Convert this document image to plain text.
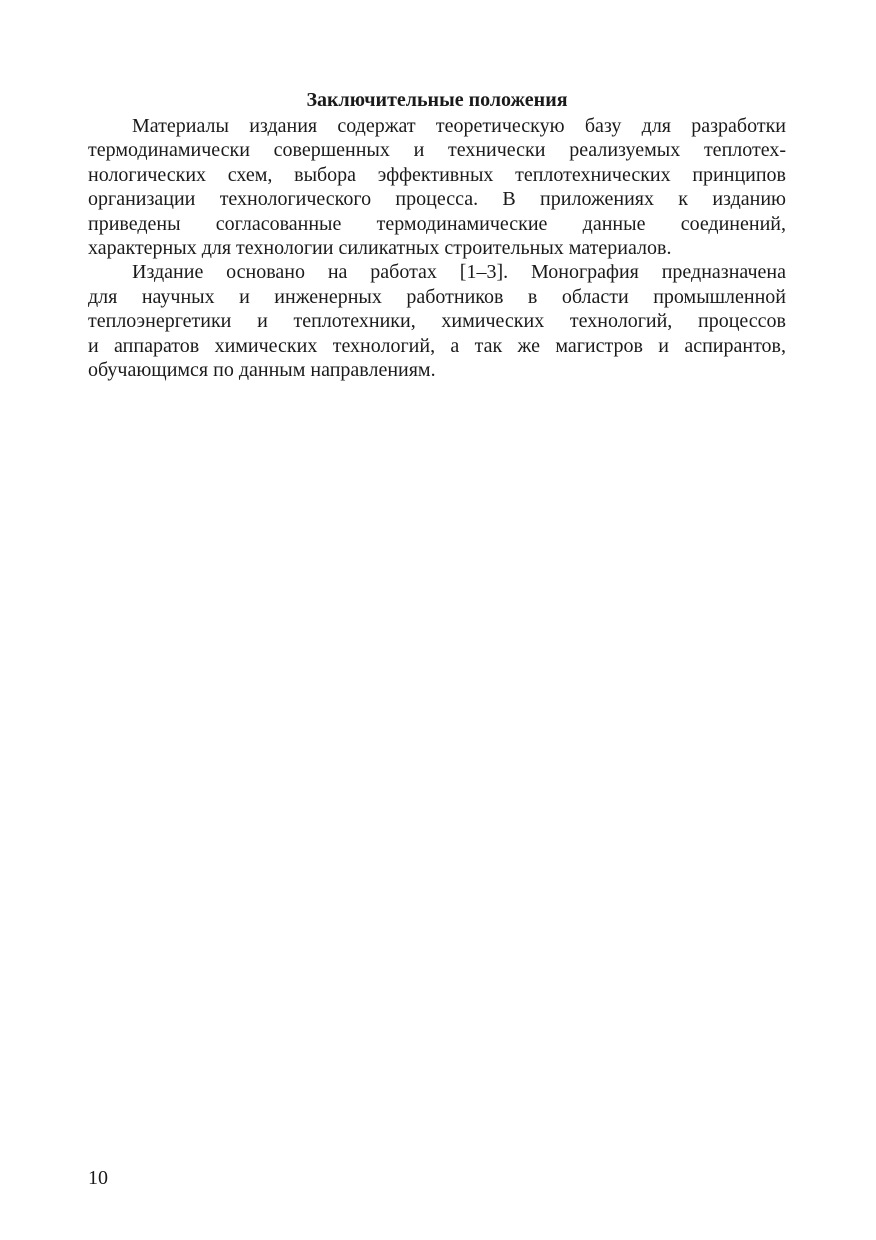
Заключительные положения
Материалы издания содержат теоретическую базу для разработки
термодинамически совершенных и технически реализуемых теплотех-
нологических схем, выбора эффективных теплотехнических принципов
организации технологического процесса. В приложениях к изданию
приведены согласованные термодинамические данные соединений,
характерных для технологии силикатных строительных материалов.
Издание основано на работах [1–3]. Монография предназначена
для научных и инженерных работников в области промышленной
теплоэнергетики и теплотехники, химических технологий, процессов
и аппаратов химических технологий, а так же магистров и аспирантов,
обучающимся по данным направлениям.
10
